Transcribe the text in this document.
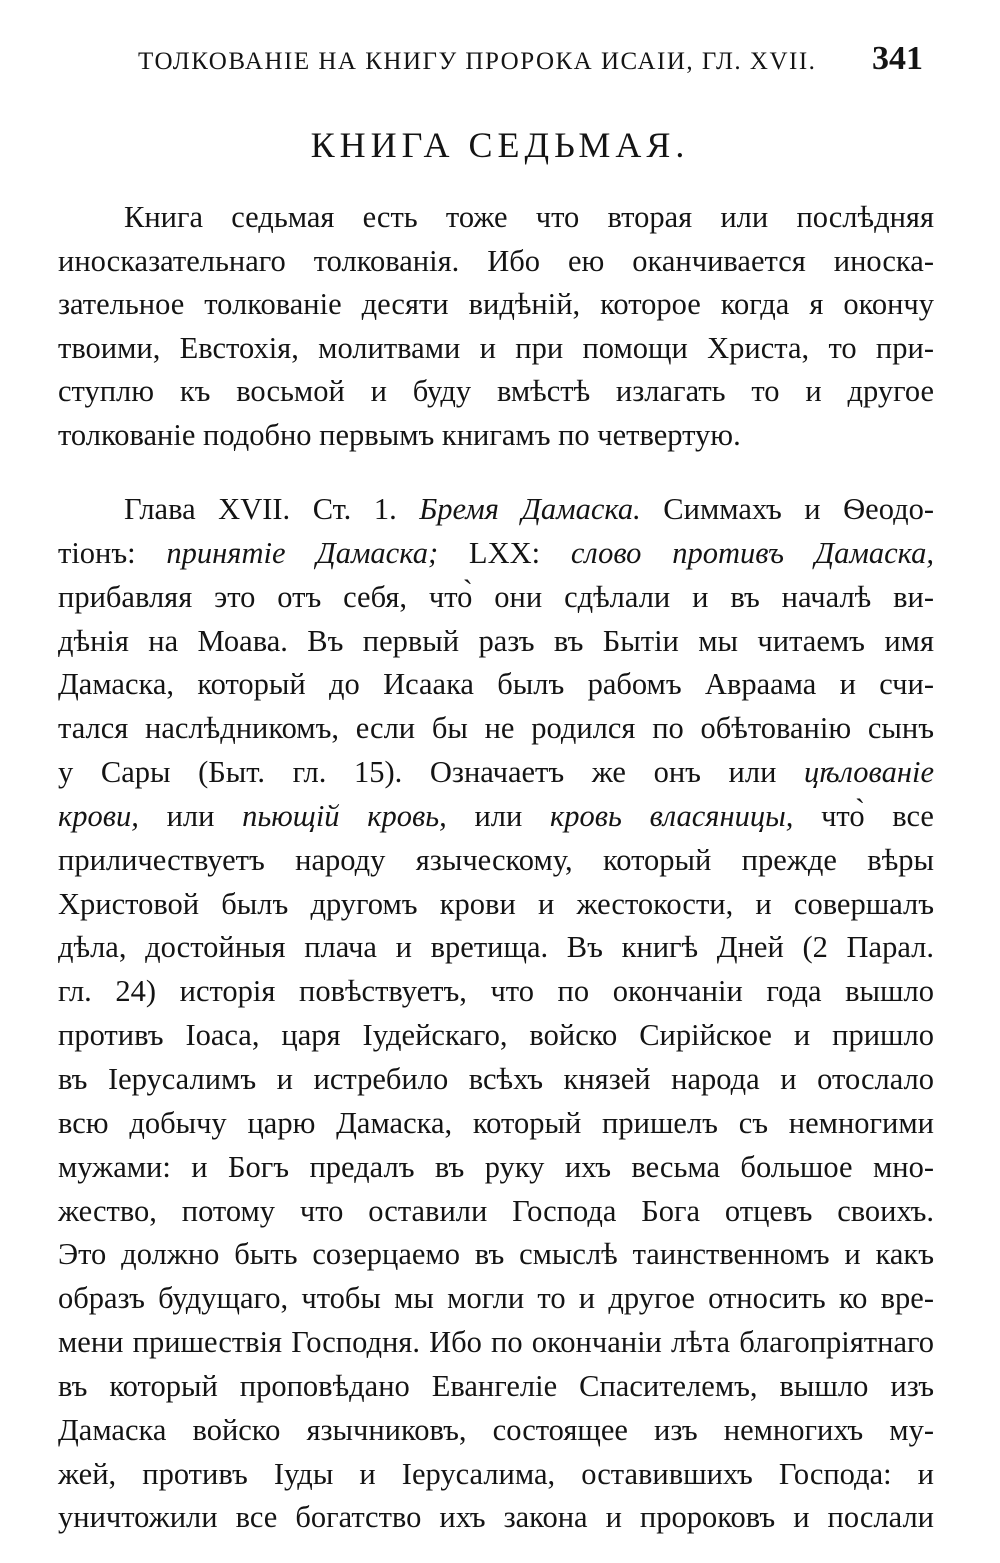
ТОЛКОВАНІЕ НА КНИГУ ПРОРОКА ИСАІИ, ГЛ. XVII. 341
КНИГА СЕДЬМАЯ.
Книга седьмая есть тоже что вторая или послѣдняя
иносказательнаго толкованія. Ибо ею оканчивается иноска-
зательное толкованіе десяти видѣній, которое когда я окончу
твоими, Евстохія, молитвами и при помощи Христа, то при-
ступлю къ восьмой и буду вмѣстѣ излагать то и другое
толкованіе подобно первымъ книгамъ по четвертую.
Глава XVII. Ст. 1. Бремя Дамаска. Симмахъ и Ѳеодо-
тіонъ: принятіе Дамаска; LXX: слово противъ Дамаска,
прибавляя это отъ себя, что̀ они сдѣлали и въ началѣ ви-
дѣнія на Моава. Въ первый разъ въ Бытіи мы читаемъ имя
Дамаска, который до Исаака былъ рабомъ Авраама и счи-
тался наслѣдникомъ, если бы не родился по обѣтованію сынъ
у Сары (Быт. гл. 15). Означаетъ же онъ или цѣлованіе
крови, или пьющій кровь, или кровь власяницы, что̀ все
приличествуетъ народу языческому, который прежде вѣры
Христовой былъ другомъ крови и жестокости, и совершалъ
дѣла, достойныя плача и вретища. Въ книгѣ Дней (2 Парал.
гл. 24) исторія повѣствуетъ, что по окончаніи года вышло
противъ Іоаса, царя Іудейскаго, войско Сирійское и пришло
въ Іерусалимъ и истребило всѣхъ князей народа и отослало
всю добычу царю Дамаска, который пришелъ съ немногими
мужами: и Богъ предалъ въ руку ихъ весьма большое мно-
жество, потому что оставили Господа Бога отцевъ своихъ.
Это должно быть созерцаемо въ смыслѣ таинственномъ и какъ
образъ будущаго, чтобы мы могли то и другое относить ко вре-
мени пришествія Господня. Ибо по окончаніи лѣта благопріятнаго
въ который проповѣдано Евангеліе Спасителемъ, вышло изъ
Дамаска войско язычниковъ, состоящее изъ немногихъ му-
жей, противъ Іуды и Іерусалима, оставившихъ Господа: и
уничтожили все богатство ихъ закона и пророковъ и послали
